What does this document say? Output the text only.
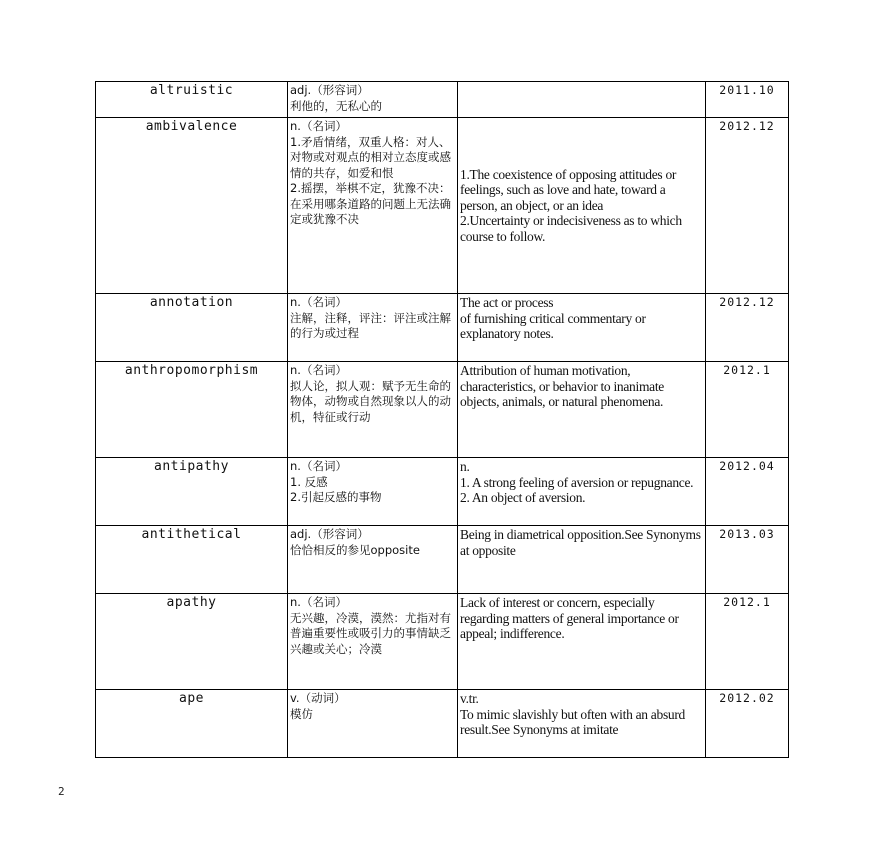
altruistic	adj.（形容词）
利他的，无私心的		2011.10
ambivalence	n.（名词）
1.矛盾情绪，双重人格：对人、对物或对观点的相对立态度或感情的共存，如爱和恨
2.摇摆，举棋不定，犹豫不决：在采用哪条道路的问题上无法确定或犹豫不决	1.The coexistence of opposing attitudes or feelings, such as love and hate, toward a person, an object, or an idea
2.Uncertainty or indecisiveness as to which course to follow.	2012.12
annotation	n.（名词）
注解，注释，评注：评注或注解的行为或过程	The act or process
of furnishing critical commentary or explanatory notes.	2012.12
anthropomorphism	n.（名词）
拟人论，拟人观：赋予无生命的物体，动物或自然现象以人的动机，特征或行动	Attribution of human motivation, characteristics, or behavior to inanimate objects, animals, or natural phenomena.	2012.1
antipathy	n.（名词）
1. 反感
2.引起反感的事物	n.
1. A strong feeling of aversion or repugnance.
2. An object of aversion.	2012.04
antithetical	adj.（形容词）
恰恰相反的参见opposite	Being in diametrical opposition.See Synonyms at opposite	2013.03
apathy	n.（名词）
无兴趣，冷漠，漠然：尤指对有普遍重要性或吸引力的事情缺乏兴趣或关心；冷漠	Lack of interest or concern, especially regarding matters of general importance or appeal; indifference.	2012.1
ape	v.（动词）
模仿	v.tr.
To mimic slavishly but often with an absurd result.See Synonyms at imitate	2012.02
2
